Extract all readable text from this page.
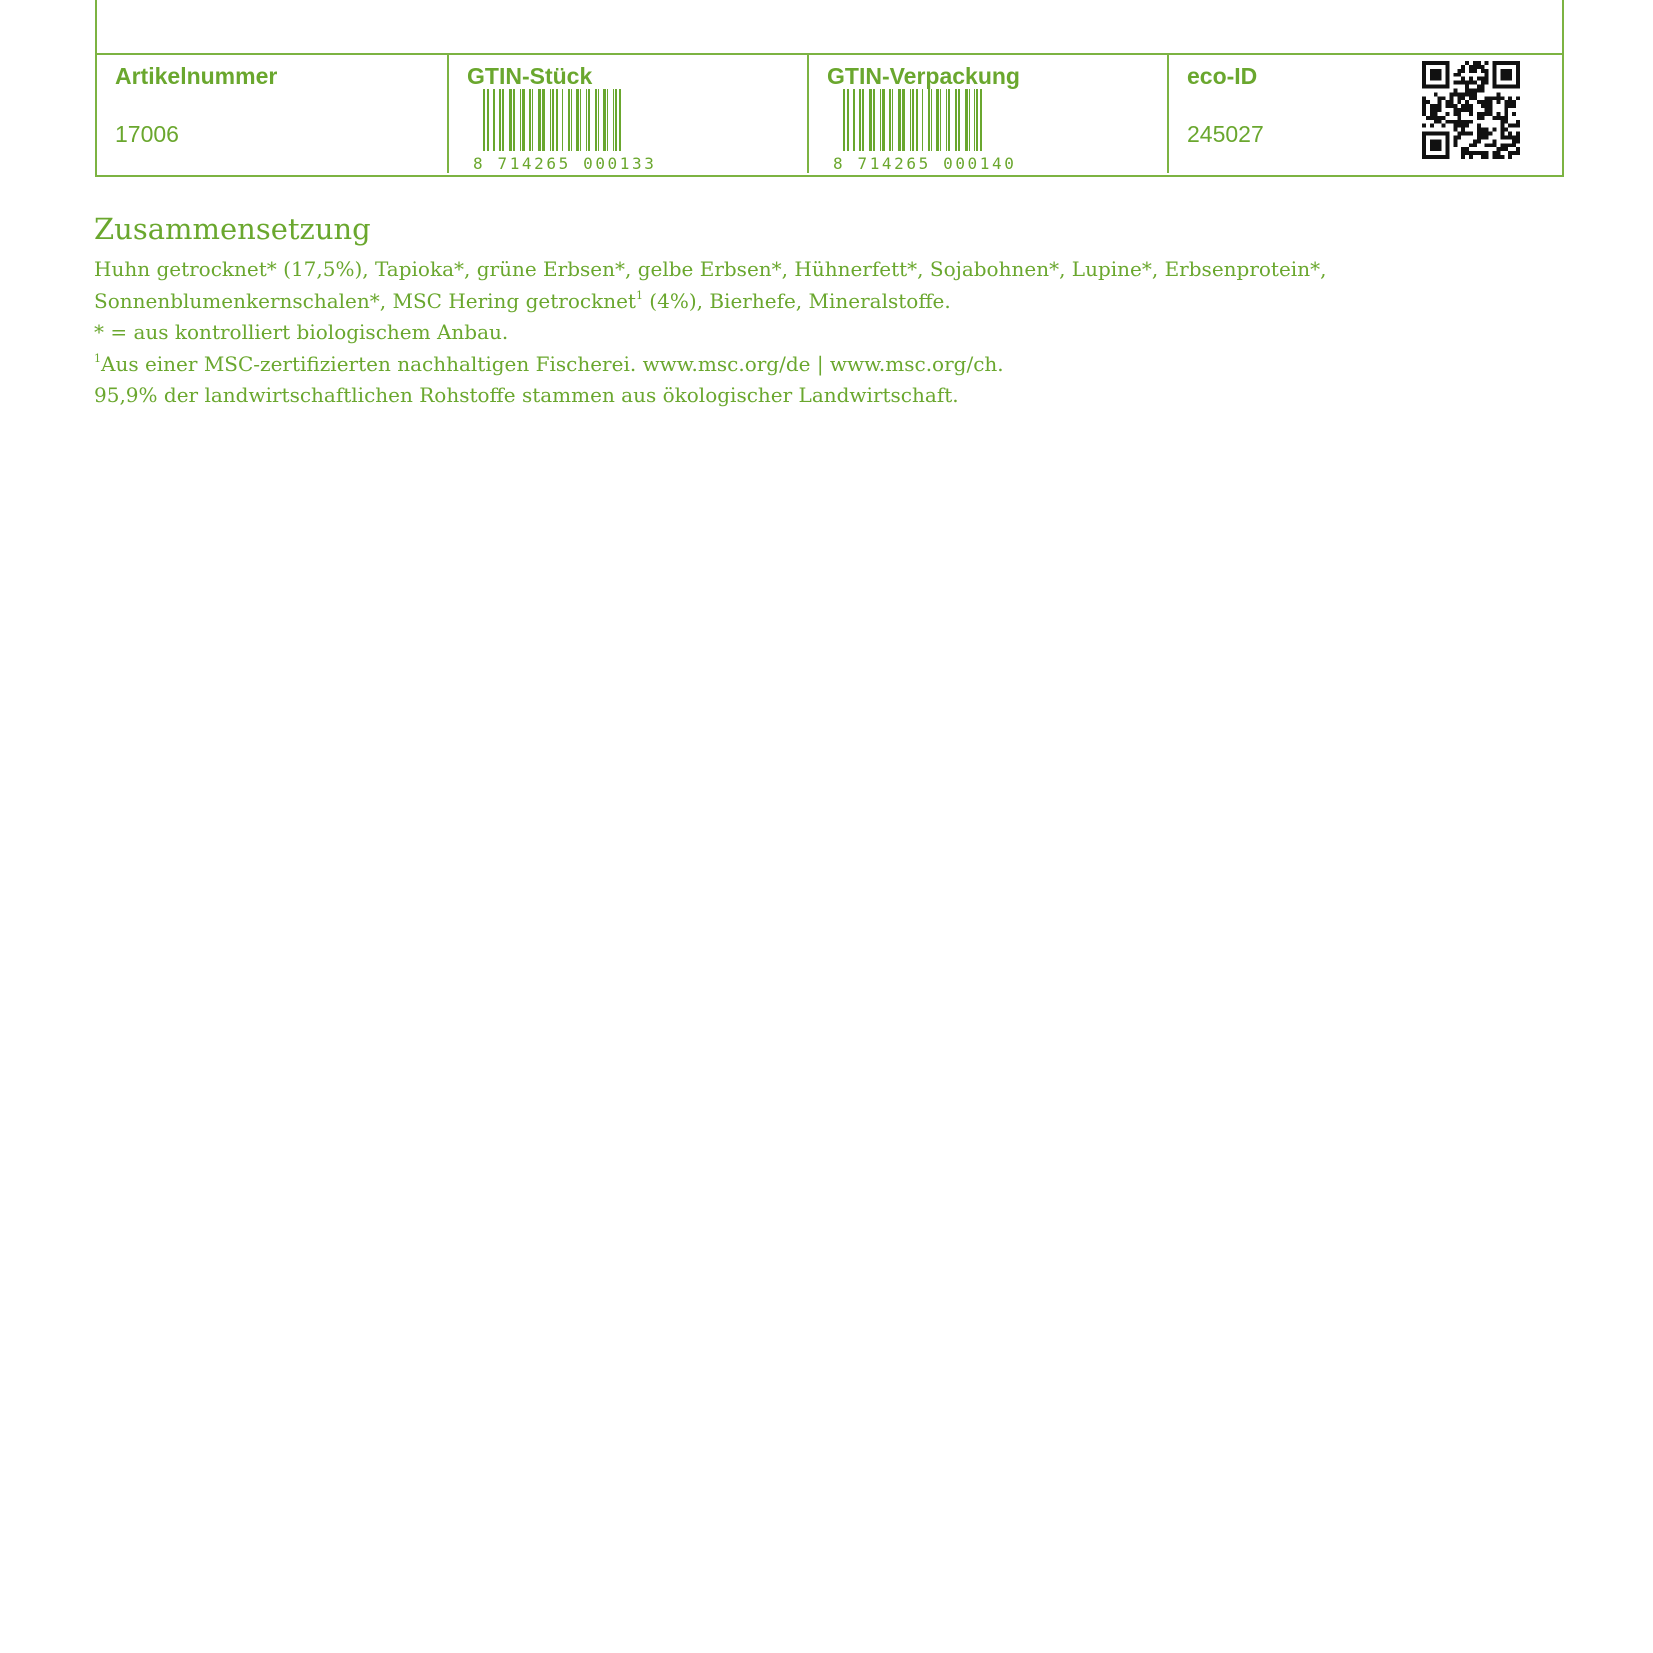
Artikelnummer
17006
GTIN-Stück
8 714265 000133
GTIN-Verpackung
8 714265 000140
eco-ID
245027
Zusammensetzung
Huhn getrocknet* (17,5%), Tapioka*, grüne Erbsen*, gelbe Erbsen*, Hühnerfett*, Sojabohnen*, Lupine*, Erbsenprotein*,
Sonnenblumenkernschalen*, MSC Hering getrocknet$^1$ (4%), Bierhefe, Mineralstoffe.
* = aus kontrolliert biologischem Anbau.
$^1$Aus einer MSC-zertifizierten nachhaltigen Fischerei. www.msc.org/de | www.msc.org/ch.
95,9% der landwirtschaftlichen Rohstoffe stammen aus ökologischer Landwirtschaft.
